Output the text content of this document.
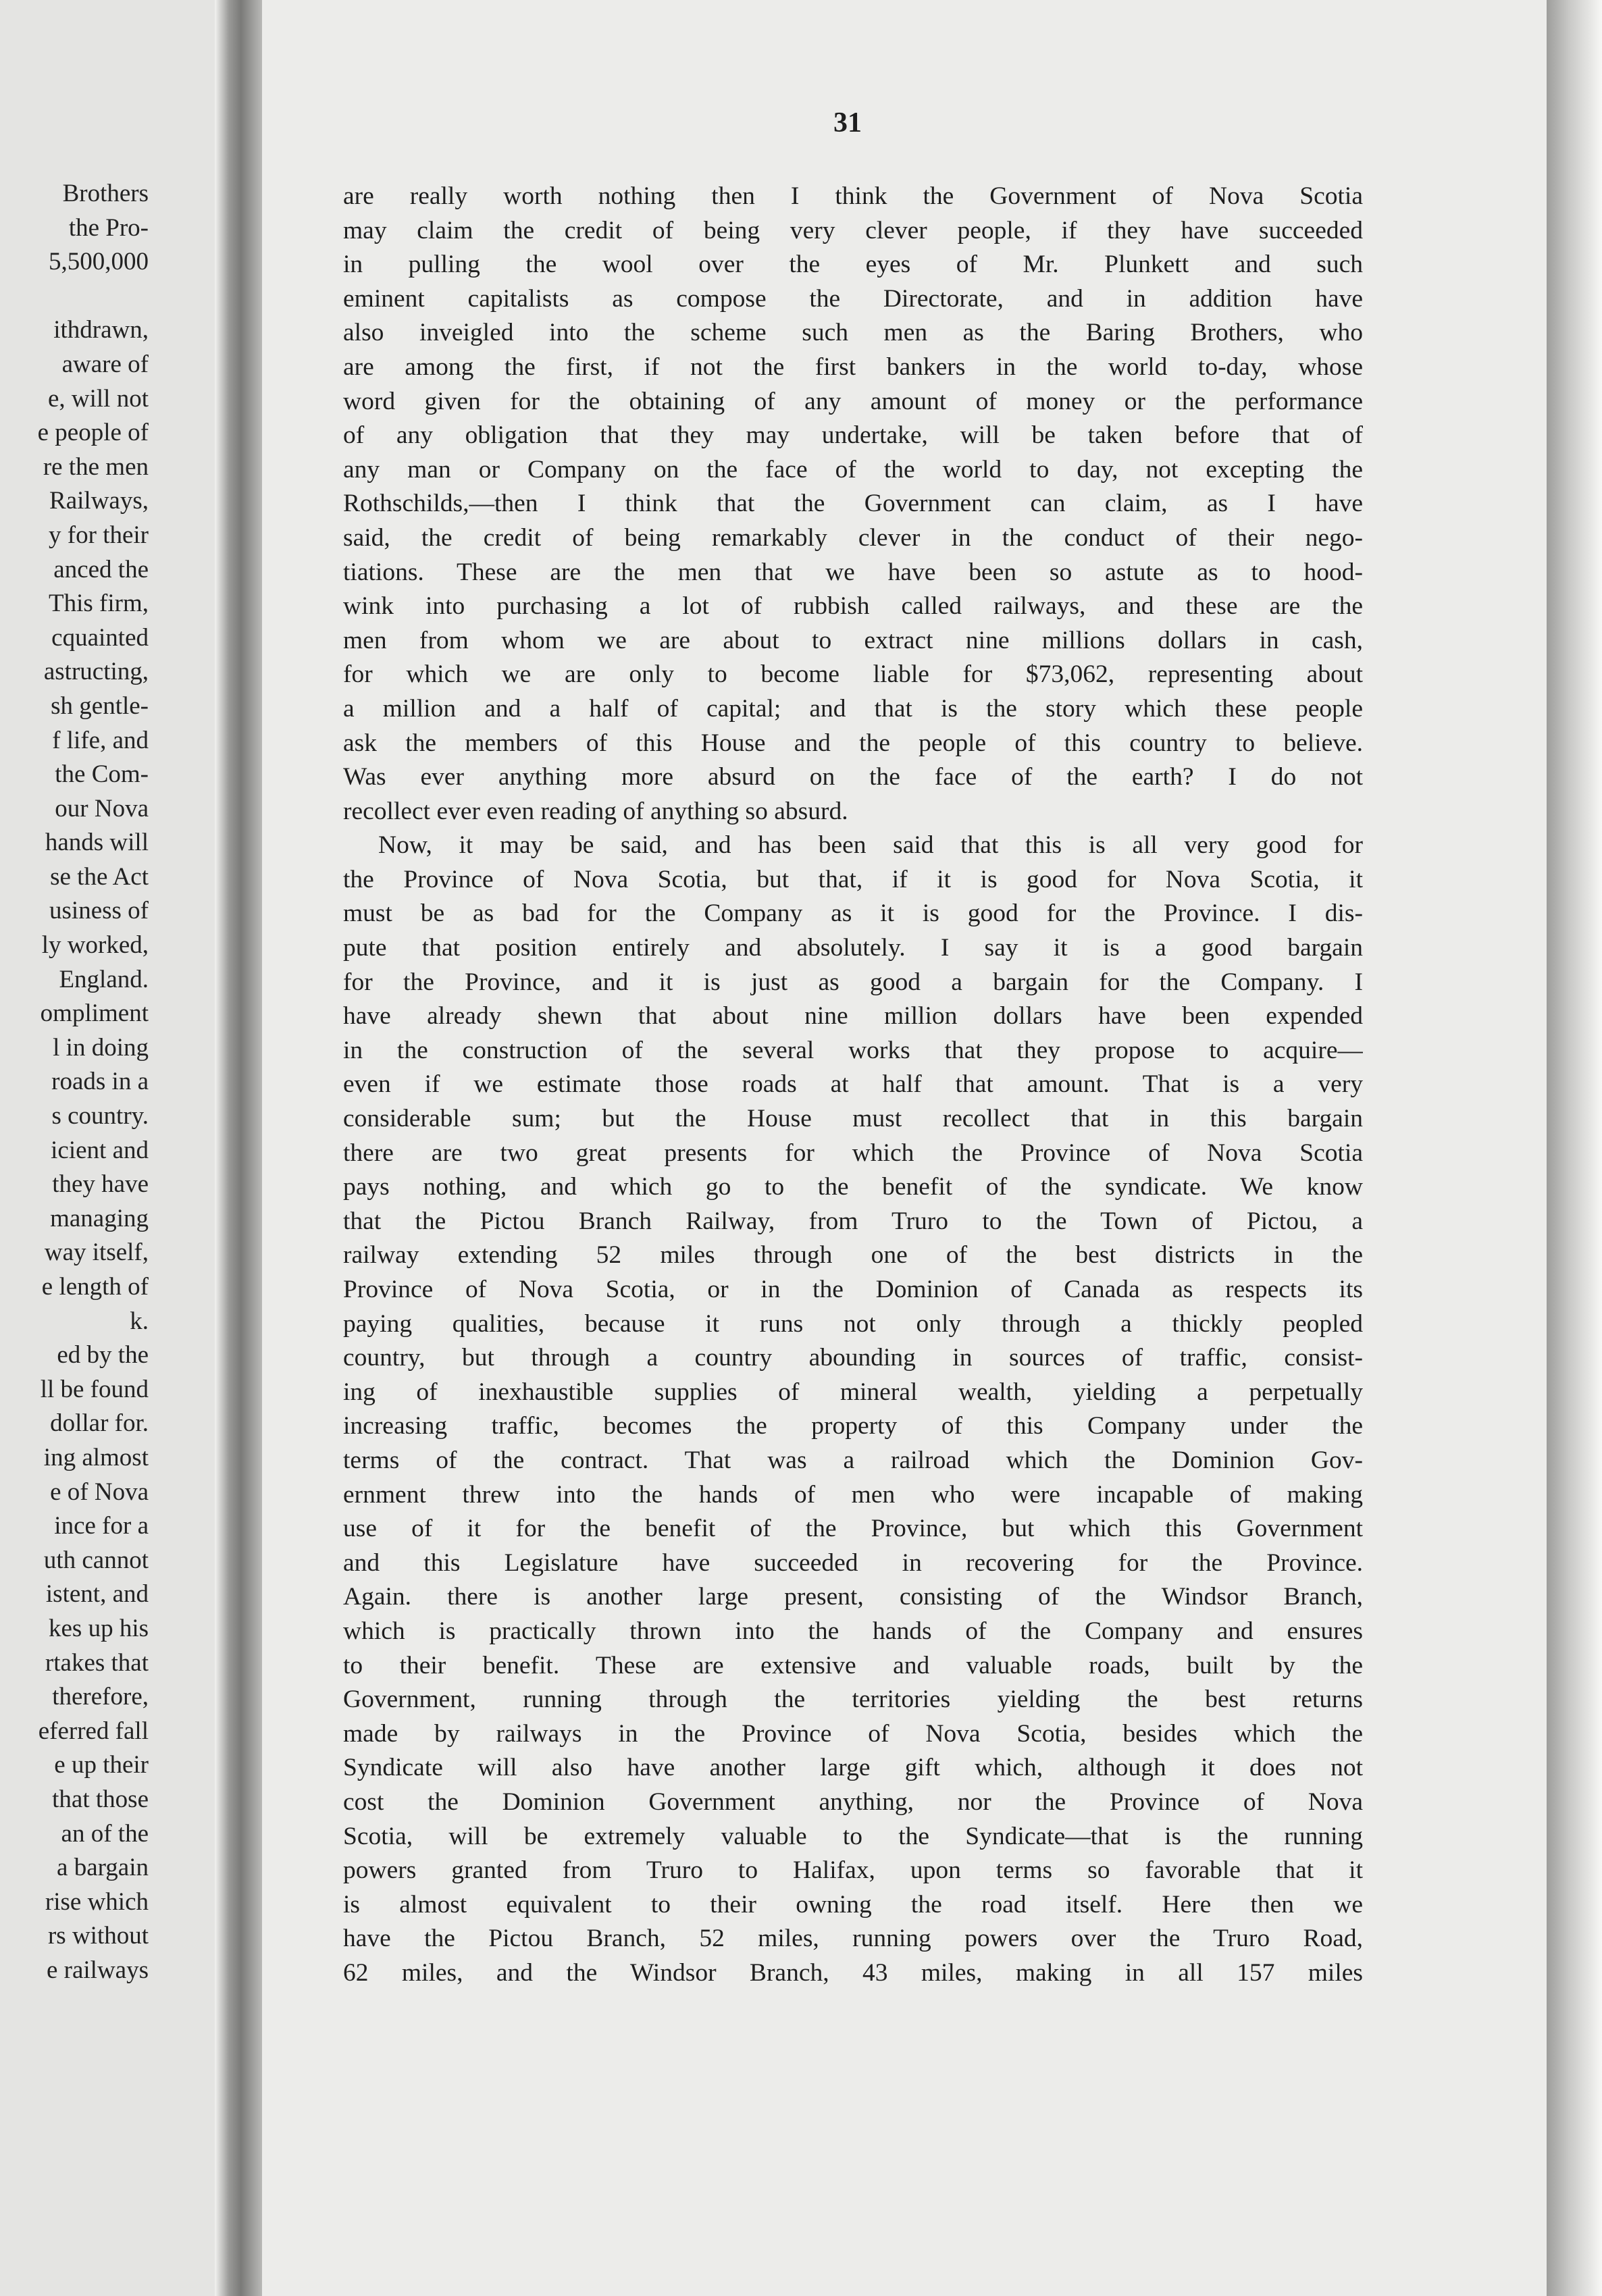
Brothers
the Pro-
5,500,000
ithdrawn,
aware of
e, will not
e people of
re the men
Railways,
y for their
anced the
This firm,
cquainted
astructing,
sh gentle-
f life, and
the Com-
our Nova
hands will
se the Act
usiness of
ly worked,
England.
ompliment
l in doing
roads in a
s country.
icient and
they have
managing
way itself,
e length of
k.
ed by the
ll be found
dollar for.
ing almost
e of Nova
ince for a
uth cannot
istent, and
kes up his
rtakes that
therefore,
eferred fall
e up their
that those
an of the
a bargain
rise which
rs without
e railways
31
are really worth nothing then I think the Government of Nova Scotia
may claim the credit of being very clever people, if they have succeeded
in pulling the wool over the eyes of Mr. Plunkett and such
eminent capitalists as compose the Directorate, and in addition have
also inveigled into the scheme such men as the Baring Brothers, who
are among the first, if not the first bankers in the world to-day, whose
word given for the obtaining of any amount of money or the performance
of any obligation that they may undertake, will be taken before that of
any man or Company on the face of the world to day, not excepting the
Rothschilds,—then I think that the Government can claim, as I have
said, the credit of being remarkably clever in the conduct of their nego-
tiations. These are the men that we have been so astute as to hood-
wink into purchasing a lot of rubbish called railways, and these are the
men from whom we are about to extract nine millions dollars in cash,
for which we are only to become liable for $73,062, representing about
a million and a half of capital; and that is the story which these people
ask the members of this House and the people of this country to believe.
Was ever anything more absurd on the face of the earth? I do not
recollect ever even reading of anything so absurd.
Now, it may be said, and has been said that this is all very good for
the Province of Nova Scotia, but that, if it is good for Nova Scotia, it
must be as bad for the Company as it is good for the Province. I dis-
pute that position entirely and absolutely. I say it is a good bargain
for the Province, and it is just as good a bargain for the Company. I
have already shewn that about nine million dollars have been expended
in the construction of the several works that they propose to acquire—
even if we estimate those roads at half that amount. That is a very
considerable sum; but the House must recollect that in this bargain
there are two great presents for which the Province of Nova Scotia
pays nothing, and which go to the benefit of the syndicate. We know
that the Pictou Branch Railway, from Truro to the Town of Pictou, a
railway extending 52 miles through one of the best districts in the
Province of Nova Scotia, or in the Dominion of Canada as respects its
paying qualities, because it runs not only through a thickly peopled
country, but through a country abounding in sources of traffic, consist-
ing of inexhaustible supplies of mineral wealth, yielding a perpetually
increasing traffic, becomes the property of this Company under the
terms of the contract. That was a railroad which the Dominion Gov-
ernment threw into the hands of men who were incapable of making
use of it for the benefit of the Province, but which this Government
and this Legislature have succeeded in recovering for the Province.
Again. there is another large present, consisting of the Windsor Branch,
which is practically thrown into the hands of the Company and ensures
to their benefit. These are extensive and valuable roads, built by the
Government, running through the territories yielding the best returns
made by railways in the Province of Nova Scotia, besides which the
Syndicate will also have another large gift which, although it does not
cost the Dominion Government anything, nor the Province of Nova
Scotia, will be extremely valuable to the Syndicate—that is the running
powers granted from Truro to Halifax, upon terms so favorable that it
is almost equivalent to their owning the road itself. Here then we
have the Pictou Branch, 52 miles, running powers over the Truro Road,
62 miles, and the Windsor Branch, 43 miles, making in all 157 miles
